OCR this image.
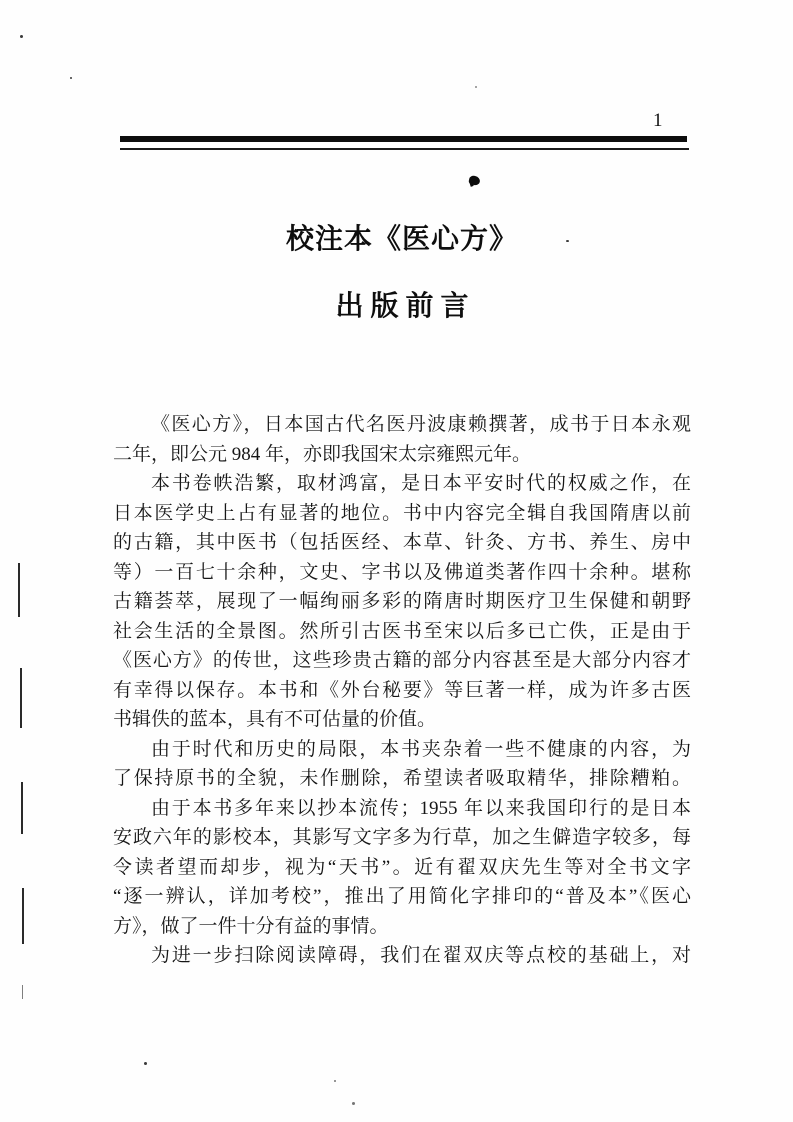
1
校注本《医心方》
出版前言
《医心方》，日本国古代名医丹波康赖撰著，成书于日本永观
二年，即公元 984 年，亦即我国宋太宗雍熙元年。
本书卷帙浩繁，取材鸿富，是日本平安时代的权威之作，在
日本医学史上占有显著的地位。书中内容完全辑自我国隋唐以前
的古籍，其中医书（包括医经、本草、针灸、方书、养生、房中
等）一百七十余种，文史、字书以及佛道类著作四十余种。堪称
古籍荟萃，展现了一幅绚丽多彩的隋唐时期医疗卫生保健和朝野
社会生活的全景图。然所引古医书至宋以后多已亡佚，正是由于
《医心方》的传世，这些珍贵古籍的部分内容甚至是大部分内容才
有幸得以保存。本书和《外台秘要》等巨著一样，成为许多古医
书辑佚的蓝本，具有不可估量的价值。
由于时代和历史的局限，本书夹杂着一些不健康的内容，为
了保持原书的全貌，未作删除，希望读者吸取精华，排除糟粕。
由于本书多年来以抄本流传；1955 年以来我国印行的是日本
安政六年的影校本，其影写文字多为行草，加之生僻造字较多，每
令读者望而却步，视为“天书”。近有翟双庆先生等对全书文字
“逐一辨认，详加考校”，推出了用简化字排印的“普及本”《医心
方》，做了一件十分有益的事情。
为进一步扫除阅读障碍，我们在翟双庆等点校的基础上，对
